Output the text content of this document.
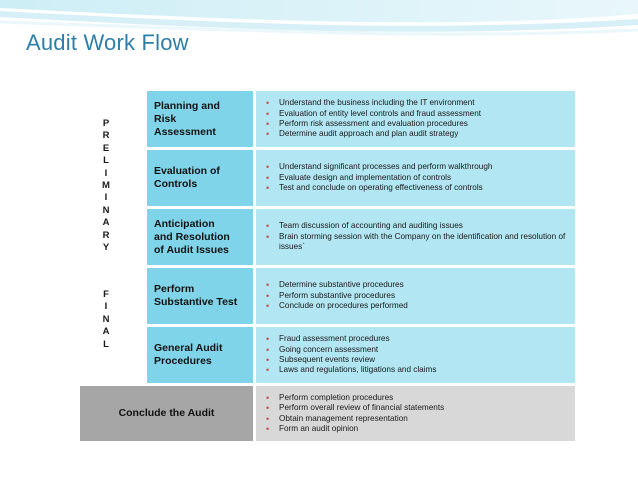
Audit Work Flow
P
R
E
L
I
M
I
N
A
R
Y
F
I
N
A
L
Planning and
Risk
Assessment
• Understand the business including the IT environment
• Evaluation of entity level controls and fraud assessment
• Perform risk assessment and evaluation procedures
• Determine audit approach and plan audit strategy
Evaluation of
Controls
• Understand significant processes and perform walkthrough
• Evaluate design and implementation of controls
• Test and conclude on operating effectiveness of controls
Anticipation
and Resolution
of Audit Issues
• Team discussion of accounting and auditing issues
• Brain storming session with the Company on the identification and resolution of issues`
Perform
Substantive Test
• Determine substantive procedures
• Perform substantive procedures
• Conclude on procedures performed
General Audit
Procedures
• Fraud assessment procedures
• Going concern assessment
• Subsequent events review
• Laws and regulations, litigations and claims
Conclude the Audit
• Perform completion procedures
• Perform overall review of financial statements
• Obtain management representation
• Form an audit opinion
